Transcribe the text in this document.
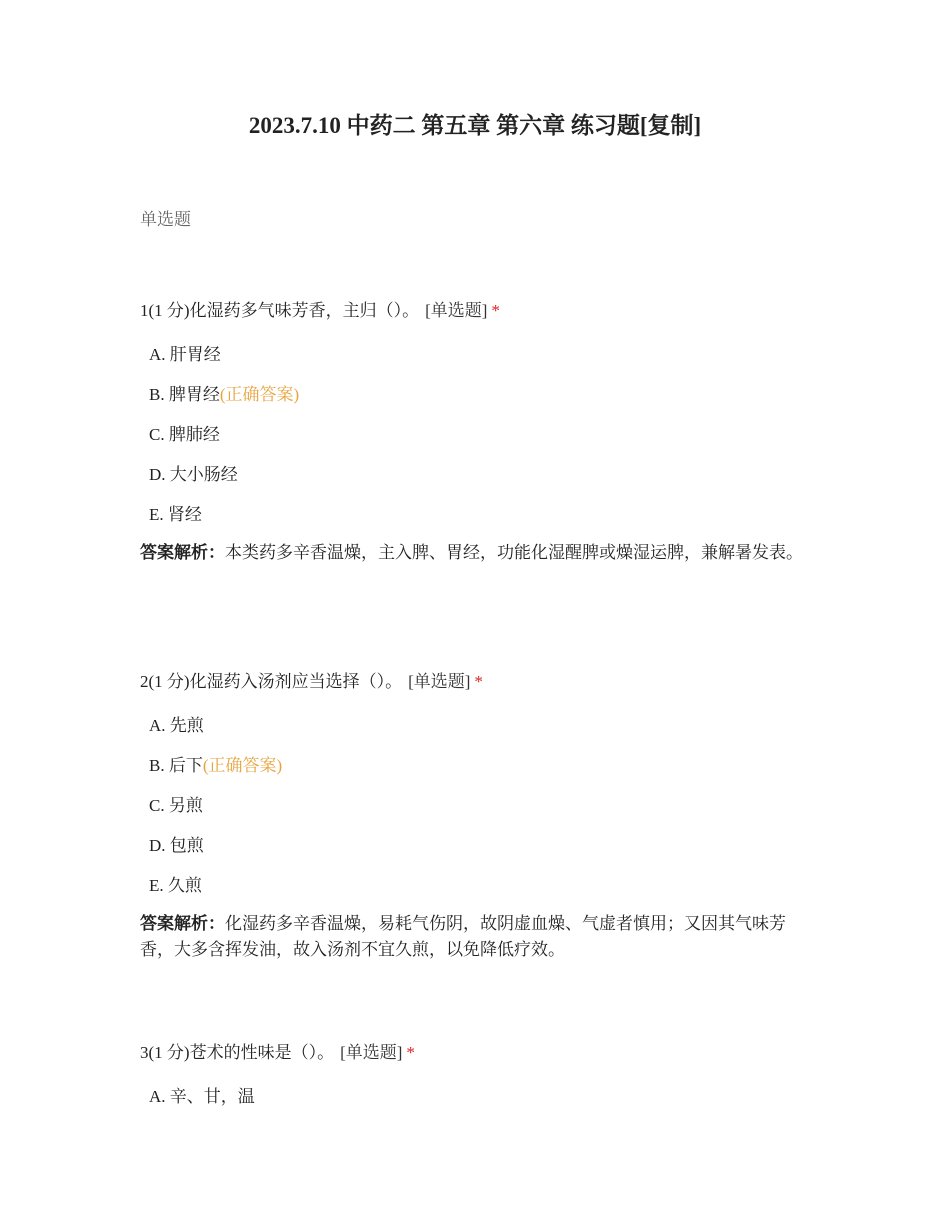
2023.7.10 中药二 第五章 第六章 练习题[复制]
单选题
1(1 分)化湿药多气味芳香，主归（）。 [单选题] *
A. 肝胃经
B. 脾胃经(正确答案)
C. 脾肺经
D. 大小肠经
E. 肾经
答案解析：本类药多辛香温燥，主入脾、胃经，功能化湿醒脾或燥湿运脾，兼解暑发表。
2(1 分)化湿药入汤剂应当选择（）。 [单选题] *
A. 先煎
B. 后下(正确答案)
C. 另煎
D. 包煎
E. 久煎
答案解析：化湿药多辛香温燥，易耗气伤阴，故阴虚血燥、气虚者慎用；又因其气味芳香，大多含挥发油，故入汤剂不宜久煎，以免降低疗效。
3(1 分)苍术的性味是（）。 [单选题] *
A. 辛、甘，温
